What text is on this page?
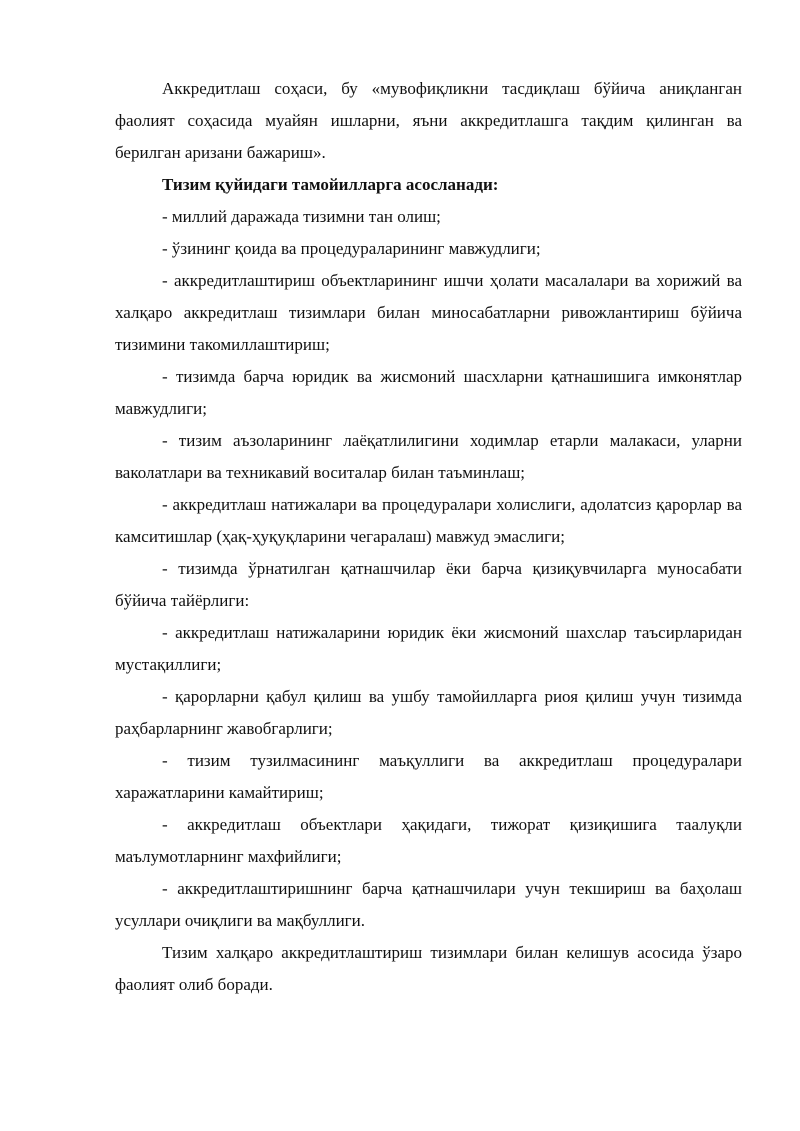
Аккредитлаш соҳаси, бу «мувофиқликни тасдиқлаш бўйича аниқланган фаолият соҳасида муайян ишларни, яъни аккредитлашга тақдим қилинган ва берилган аризани бажариш».

Тизим қуйидаги тамойилларга асосланади:

- миллий даражада тизимни тан олиш;

- ўзининг қоида ва процедураларининг мавжудлиги;

- аккредитлаштириш объектларининг ишчи ҳолати масалалари ва хорижий ва халқаро аккредитлаш тизимлари билан миносабатларни ривожлантириш бўйича тизимини такомиллаштириш;

- тизимда барча юридик ва жисмоний шасхларни қатнашишига имконятлар мавжудлиги;

- тизим аъзоларининг лаёқатлилигини ходимлар етарли малакаси, уларни ваколатлари ва техникавий воситалар билан таъминлаш;

- аккредитлаш натижалари ва процедуралари холислиги, адолатсиз қарорлар ва камситишлар (ҳақ-ҳуқуқларини чегаралаш) мавжуд эмаслиги;

- тизимда ўрнатилган қатнашчилар ёки барча қизиқувчиларга муносабати бўйича тайёрлиги:

- аккредитлаш натижаларини юридик ёки жисмоний шахслар таъсирларидан мустақиллиги;

- қарорларни қабул қилиш ва ушбу тамойилларга риоя қилиш учун тизимда раҳбарларнинг жавобгарлиги;

- тизим тузилмасининг маъқуллиги ва аккредитлаш процедуралари харажатларини камайтириш;

- аккредитлаш объектлари ҳақидаги, тижорат қизиқишига таалуқли маълумотларнинг махфийлиги;

- аккредитлаштиришнинг барча қатнашчилари учун текшириш ва баҳолаш усуллари очиқлиги ва мақбуллиги.

Тизим халқаро аккредитлаштириш тизимлари билан келишув асосида ўзаро фаолият олиб боради.
